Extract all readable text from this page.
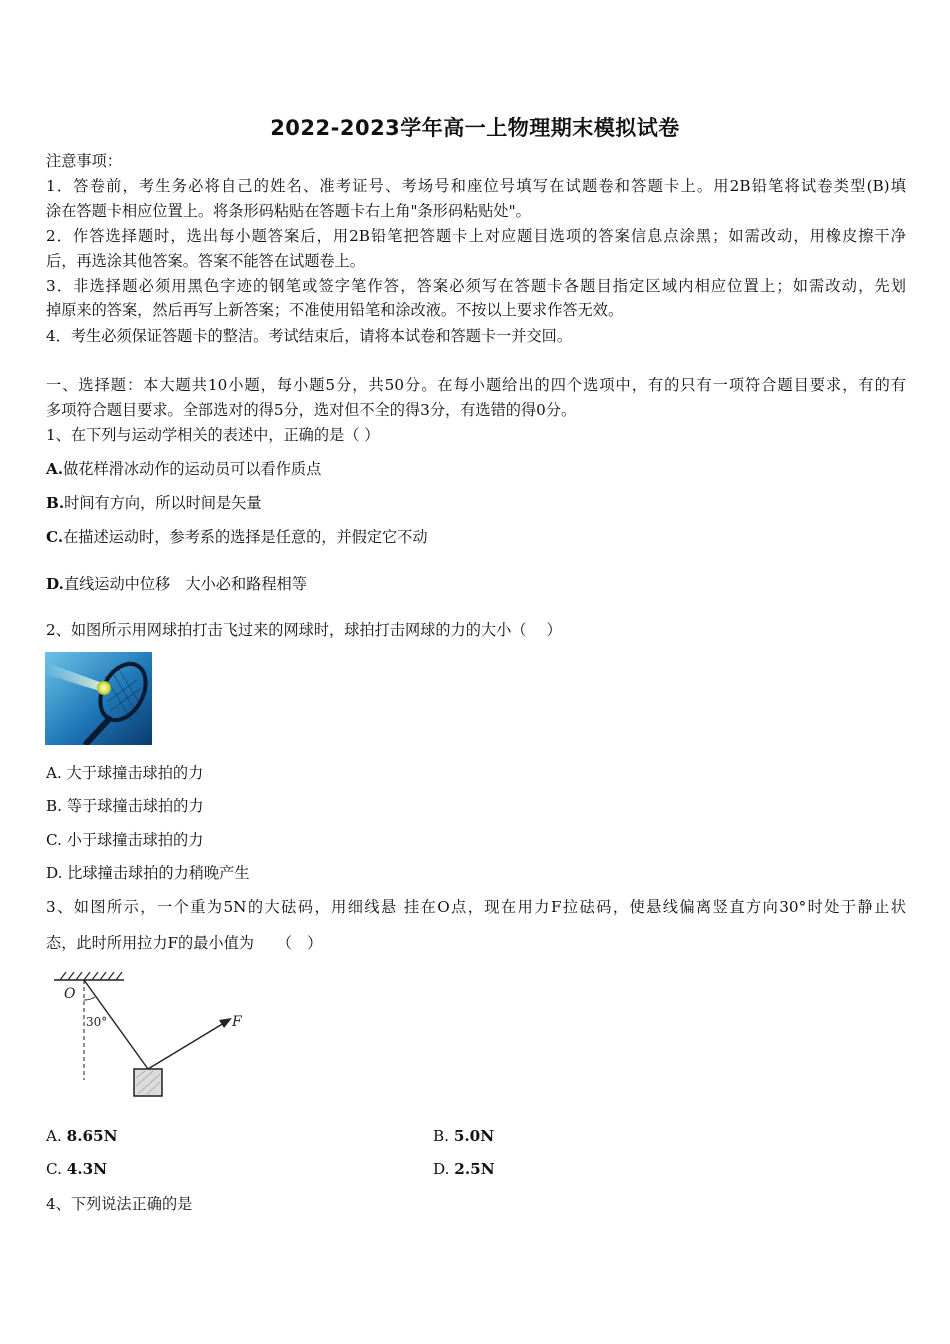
2022-2023学年高一上物理期末模拟试卷
注意事项：
1．答卷前，考生务必将自己的姓名、准考证号、考场号和座位号填写在试题卷和答题卡上。用2B铅笔将试卷类型(B)填
涂在答题卡相应位置上。将条形码粘贴在答题卡右上角"条形码粘贴处"。
2．作答选择题时，选出每小题答案后，用2B铅笔把答题卡上对应题目选项的答案信息点涂黑；如需改动，用橡皮擦干净
后，再选涂其他答案。答案不能答在试题卷上。
3．非选择题必须用黑色字迹的钢笔或签字笔作答，答案必须写在答题卡各题目指定区域内相应位置上；如需改动，先划
掉原来的答案，然后再写上新答案；不准使用铅笔和涂改液。不按以上要求作答无效。
4．考生必须保证答题卡的整洁。考试结束后，请将本试卷和答题卡一并交回。
一、选择题：本大题共10小题，每小题5分，共50分。在每小题给出的四个选项中，有的只有一项符合题目要求，有的有
多项符合题目要求。全部选对的得5分，选对但不全的得3分，有选错的得0分。
1、在下列与运动学相关的表述中，正确的是（ ）
A.做花样滑冰动作的运动员可以看作质点
B.时间有方向，所以时间是矢量
C.在描述运动时，参考系的选择是任意的，并假定它不动
D.直线运动中位移　大小必和路程相等
2、如图所示用网球拍打击飞过来的网球时，球拍打击网球的力的大小（　 ）
A. 大于球撞击球拍的力
B. 等于球撞击球拍的力
C. 小于球撞击球拍的力
D. 比球撞击球拍的力稍晚产生
3、如图所示，一个重为5N的大砝码，用细线悬 挂在O点，现在用力F拉砝码，使悬线偏离竖直方向30°时处于静止状
态，此时所用拉力F的最小值为　　（　）
O
30°	F
A. 8.65N	B. 5.0N
C. 4.3N	D. 2.5N
4、下列说法正确的是
